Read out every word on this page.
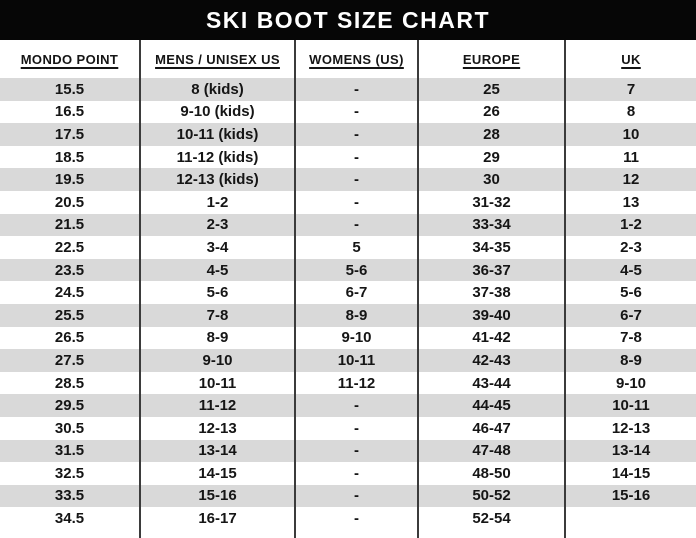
SKI BOOT SIZE CHART
MONDO POINT	MENS / UNISEX US	WOMENS (US)	EUROPE	UK
15.5	8 (kids)	-	25	7
16.5	9-10 (kids)	-	26	8
17.5	10-11 (kids)	-	28	10
18.5	11-12 (kids)	-	29	11
19.5	12-13 (kids)	-	30	12
20.5	1-2	-	31-32	13
21.5	2-3	-	33-34	1-2
22.5	3-4	5	34-35	2-3
23.5	4-5	5-6	36-37	4-5
24.5	5-6	6-7	37-38	5-6
25.5	7-8	8-9	39-40	6-7
26.5	8-9	9-10	41-42	7-8
27.5	9-10	10-11	42-43	8-9
28.5	10-11	11-12	43-44	9-10
29.5	11-12	-	44-45	10-11
30.5	12-13	-	46-47	12-13
31.5	13-14	-	47-48	13-14
32.5	14-15	-	48-50	14-15
33.5	15-16	-	50-52	15-16
34.5	16-17	-	52-54	
